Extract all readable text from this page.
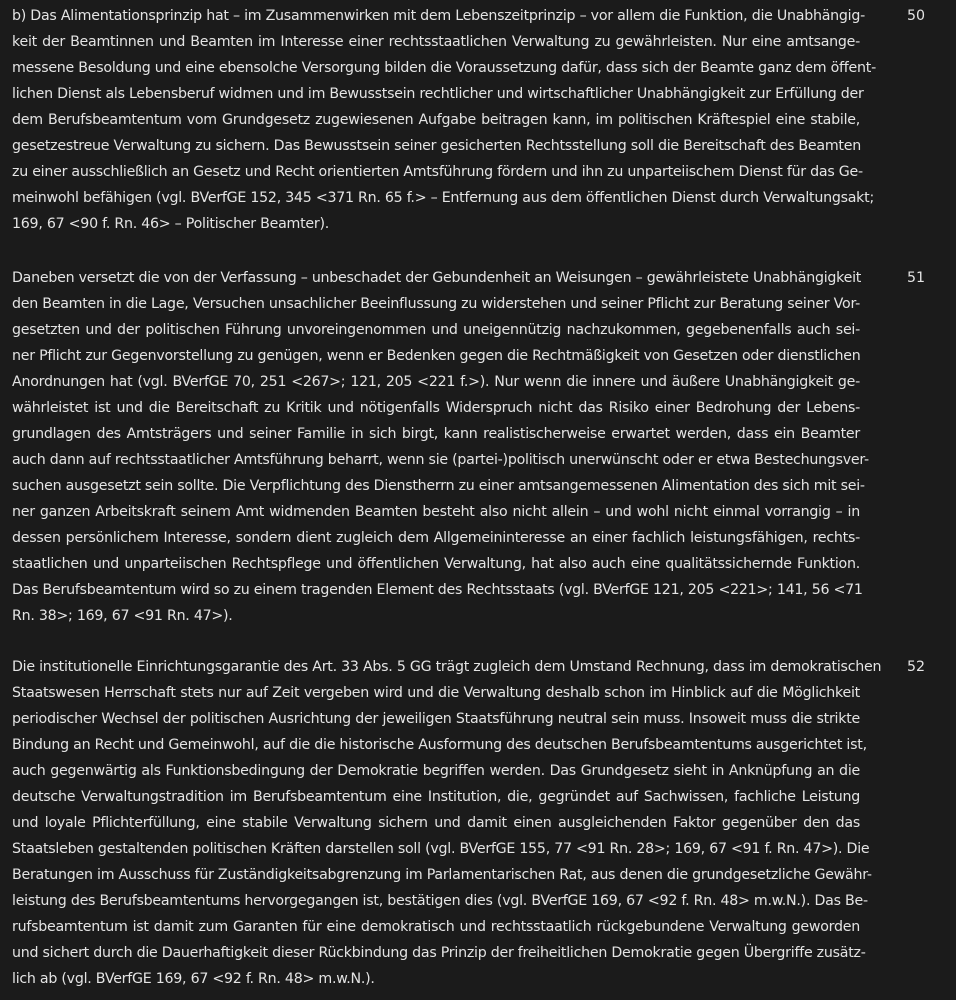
b) Das Alimentationsprinzip hat – im Zusammenwirken mit dem Lebenszeitprinzip – vor allem die Funktion, die Unabhängig-
keit der Beamtinnen und Beamten im Interesse einer rechtsstaatlichen Verwaltung zu gewährleisten. Nur eine amtsange-
messene Besoldung und eine ebensolche Versorgung bilden die Voraussetzung dafür, dass sich der Beamte ganz dem öffent-
lichen Dienst als Lebensberuf widmen und im Bewusstsein rechtlicher und wirtschaftlicher Unabhängigkeit zur Erfüllung der
dem Berufsbeamtentum vom Grundgesetz zugewiesenen Aufgabe beitragen kann, im politischen Kräftespiel eine stabile,
gesetzestreue Verwaltung zu sichern. Das Bewusstsein seiner gesicherten Rechtsstellung soll die Bereitschaft des Beamten
zu einer ausschließlich an Gesetz und Recht orientierten Amtsführung fördern und ihn zu unparteiischem Dienst für das Ge-
meinwohl befähigen (vgl. BVerfGE 152, 345 <371 Rn. 65 f.> – Entfernung aus dem öffentlichen Dienst durch Verwaltungsakt;
169, 67 <90 f. Rn. 46> – Politischer Beamter).
50
Daneben versetzt die von der Verfassung – unbeschadet der Gebundenheit an Weisungen – gewährleistete Unabhängigkeit
den Beamten in die Lage, Versuchen unsachlicher Beeinflussung zu widerstehen und seiner Pflicht zur Beratung seiner Vor-
gesetzten und der politischen Führung unvoreingenommen und uneigennützig nachzukommen, gegebenenfalls auch sei-
ner Pflicht zur Gegenvorstellung zu genügen, wenn er Bedenken gegen die Rechtmäßigkeit von Gesetzen oder dienstlichen
Anordnungen hat (vgl. BVerfGE 70, 251 <267>; 121, 205 <221 f.>). Nur wenn die innere und äußere Unabhängigkeit ge-
währleistet ist und die Bereitschaft zu Kritik und nötigenfalls Widerspruch nicht das Risiko einer Bedrohung der Lebens-
grundlagen des Amtsträgers und seiner Familie in sich birgt, kann realistischerweise erwartet werden, dass ein Beamter
auch dann auf rechtsstaatlicher Amtsführung beharrt, wenn sie (partei-)politisch unerwünscht oder er etwa Bestechungsver-
suchen ausgesetzt sein sollte. Die Verpflichtung des Dienstherrn zu einer amtsangemessenen Alimentation des sich mit sei-
ner ganzen Arbeitskraft seinem Amt widmenden Beamten besteht also nicht allein – und wohl nicht einmal vorrangig – in
dessen persönlichem Interesse, sondern dient zugleich dem Allgemeininteresse an einer fachlich leistungsfähigen, rechts-
staatlichen und unparteiischen Rechtspflege und öffentlichen Verwaltung, hat also auch eine qualitätssichernde Funktion.
Das Berufsbeamtentum wird so zu einem tragenden Element des Rechtsstaats (vgl. BVerfGE 121, 205 <221>; 141, 56 <71
Rn. 38>; 169, 67 <91 Rn. 47>).
51
Die institutionelle Einrichtungsgarantie des Art. 33 Abs. 5 GG trägt zugleich dem Umstand Rechnung, dass im demokratischen
Staatswesen Herrschaft stets nur auf Zeit vergeben wird und die Verwaltung deshalb schon im Hinblick auf die Möglichkeit
periodischer Wechsel der politischen Ausrichtung der jeweiligen Staatsführung neutral sein muss. Insoweit muss die strikte
Bindung an Recht und Gemeinwohl, auf die die historische Ausformung des deutschen Berufsbeamtentums ausgerichtet ist,
auch gegenwärtig als Funktionsbedingung der Demokratie begriffen werden. Das Grundgesetz sieht in Anknüpfung an die
deutsche Verwaltungstradition im Berufsbeamtentum eine Institution, die, gegründet auf Sachwissen, fachliche Leistung
und loyale Pflichterfüllung, eine stabile Verwaltung sichern und damit einen ausgleichenden Faktor gegenüber den das
Staatsleben gestaltenden politischen Kräften darstellen soll (vgl. BVerfGE 155, 77 <91 Rn. 28>; 169, 67 <91 f. Rn. 47>). Die
Beratungen im Ausschuss für Zuständigkeitsabgrenzung im Parlamentarischen Rat, aus denen die grundgesetzliche Gewähr-
leistung des Berufsbeamtentums hervorgegangen ist, bestätigen dies (vgl. BVerfGE 169, 67 <92 f. Rn. 48> m.w.N.). Das Be-
rufsbeamtentum ist damit zum Garanten für eine demokratisch und rechtsstaatlich rückgebundene Verwaltung geworden
und sichert durch die Dauerhaftigkeit dieser Rückbindung das Prinzip der freiheitlichen Demokratie gegen Übergriffe zusätz-
lich ab (vgl. BVerfGE 169, 67 <92 f. Rn. 48> m.w.N.).
52
